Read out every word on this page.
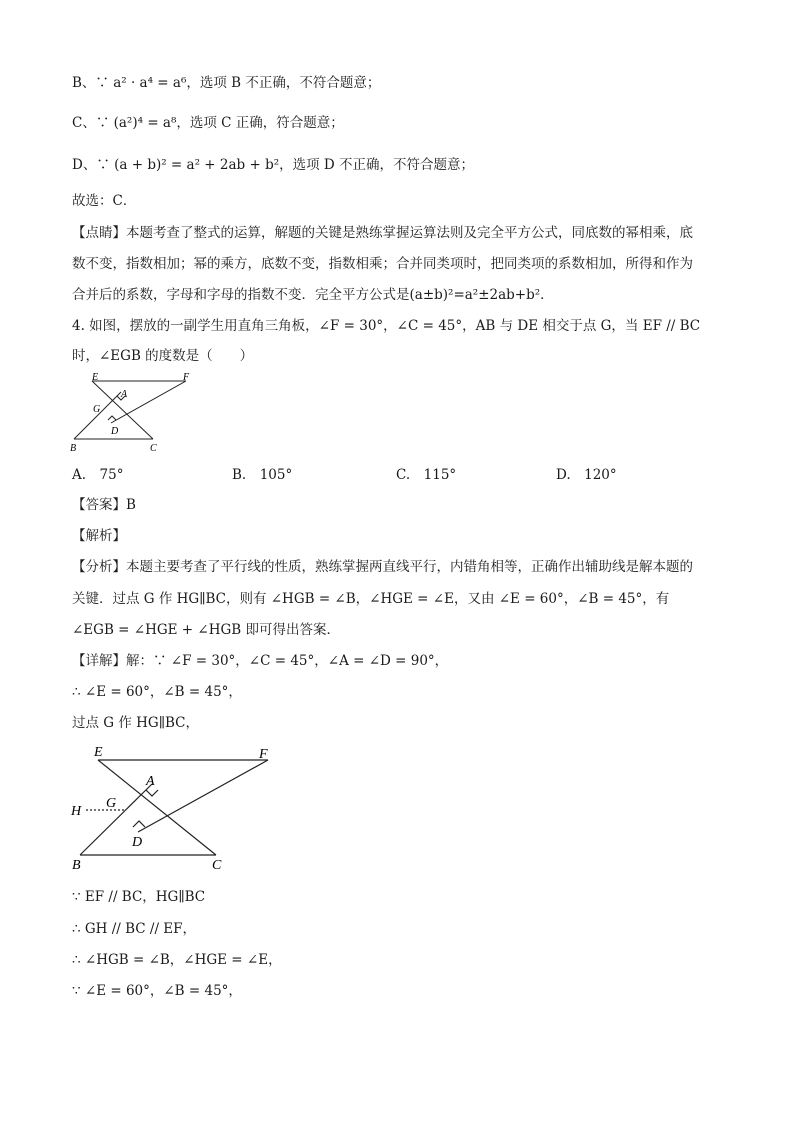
B、∵ a² · a⁴ = a⁶，选项 B 不正确，不符合题意；
C、∵ (a²)⁴ = a⁸，选项 C 正确，符合题意；
D、∵ (a + b)² = a² + 2ab + b²，选项 D 不正确，不符合题意；
故选：C．
【点睛】本题考查了整式的运算，解题的关键是熟练掌握运算法则及完全平方公式，同底数的幂相乘，底
数不变，指数相加；幂的乘方，底数不变，指数相乘；合并同类项时，把同类项的系数相加，所得和作为
合并后的系数，字母和字母的指数不变．完全平方公式是(a±b)²=a²±2ab+b²．
4. 如图，摆放的一副学生用直角三角板，∠F = 30°，∠C = 45°，AB 与 DE 相交于点 G，当 EF // BC
时，∠EGB 的度数是（　　）
E	F
G
A
D
B	C
A.　75°	B.　105°	C.　115°	D.　120°
【答案】B
【解析】
【分析】本题主要考查了平行线的性质，熟练掌握两直线平行，内错角相等，正确作出辅助线是解本题的
关键．过点 G 作 HG∥BC，则有 ∠HGB = ∠B，∠HGE = ∠E，又由 ∠E = 60°，∠B = 45°，有
∠EGB = ∠HGE + ∠HGB 即可得出答案．
【详解】解：∵ ∠F = 30°，∠C = 45°，∠A = ∠D = 90°，
∴ ∠E = 60°，∠B = 45°，
过点 G 作 HG∥BC，
E	F
H
G
A
D
B	C
∵ EF // BC，HG∥BC
∴ GH // BC // EF，
∴ ∠HGB = ∠B，∠HGE = ∠E，
∵ ∠E = 60°，∠B = 45°，
